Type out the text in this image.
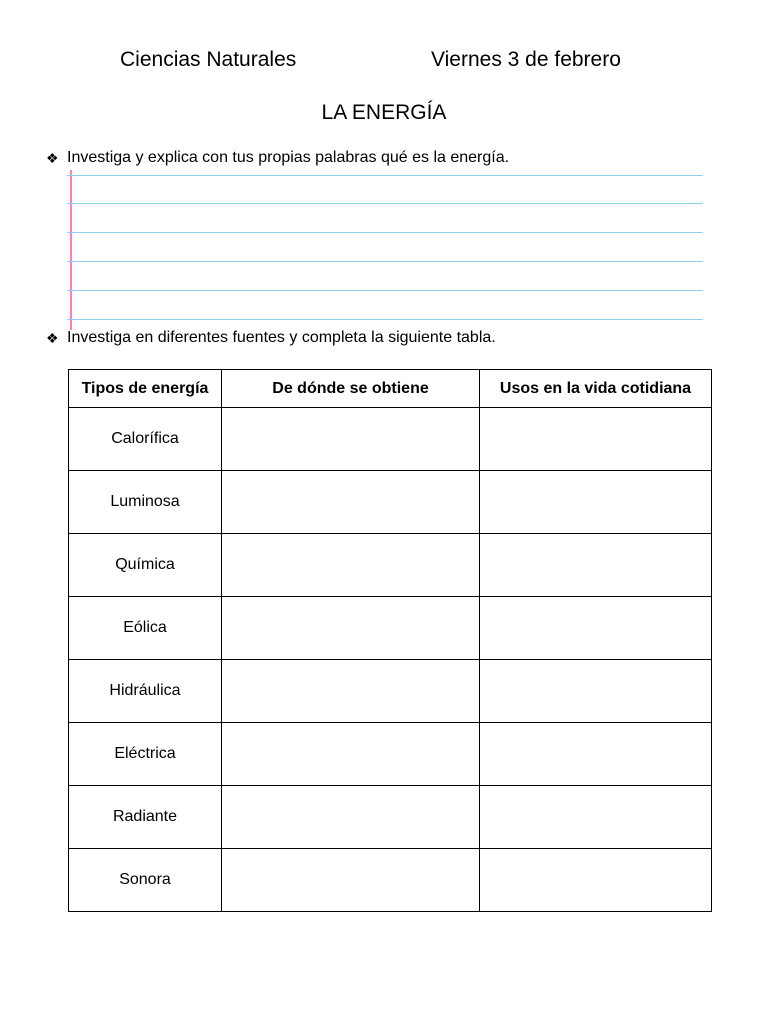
Ciencias Naturales	Viernes 3 de febrero
LA ENERGÍA
❖ Investiga y explica con tus propias palabras qué es la energía.
❖ Investiga en diferentes fuentes y completa la siguiente tabla.
Tipos de energía	De dónde se obtiene	Usos en la vida cotidiana
Calorífica		
Luminosa		
Química		
Eólica		
Hidráulica		
Eléctrica		
Radiante		
Sonora		
